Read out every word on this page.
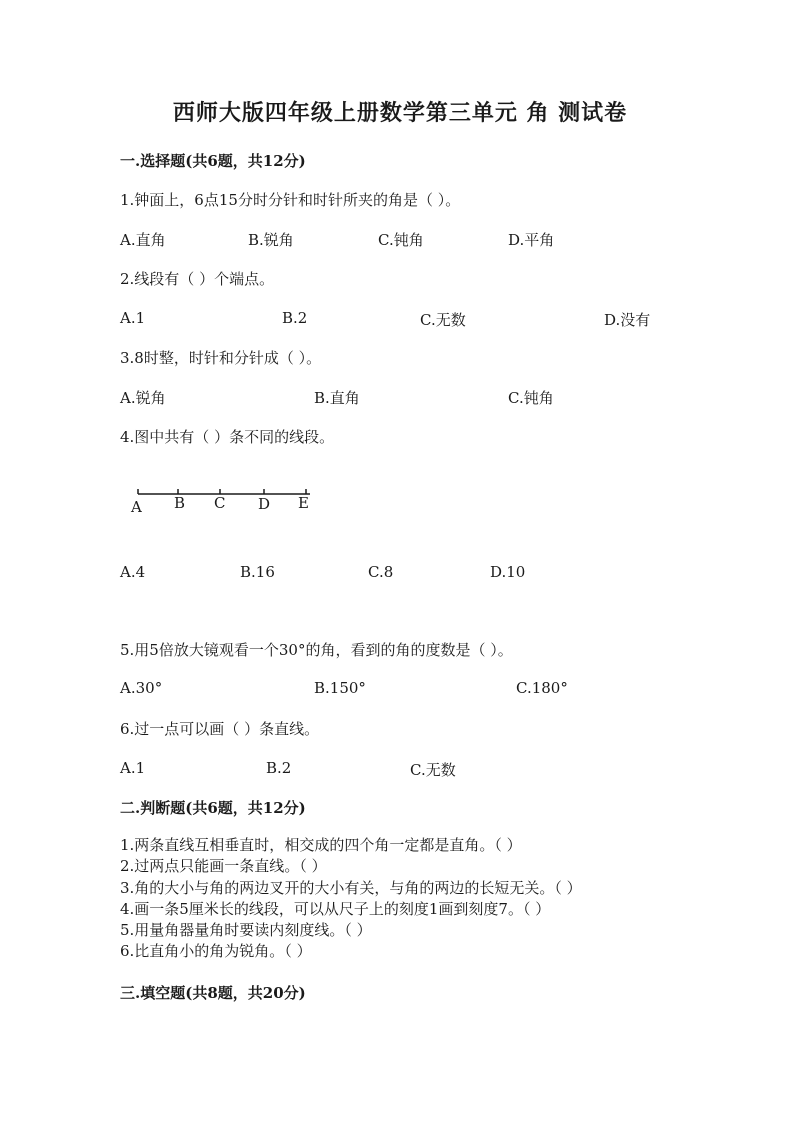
西师大版四年级上册数学第三单元 角 测试卷
一.选择题(共6题，共12分)
1.钟面上，6点15分时分针和时针所夹的角是（ ）。
A.直角	B.锐角	C.钝角	D.平角
2.线段有（ ）个端点。
A.1	B.2	C.无数	D.没有
3.8时整，时针和分针成（ ）。
A.锐角	B.直角	C.钝角
4.图中共有（ ）条不同的线段。
A B C D E
A.4	B.16	C.8	D.10
5.用5倍放大镜观看一个30°的角，看到的角的度数是（ ）。
A.30°	B.150°	C.180°
6.过一点可以画（ ）条直线。
A.1	B.2	C.无数
二.判断题(共6题，共12分)
1.两条直线互相垂直时，相交成的四个角一定都是直角。（ ）
2.过两点只能画一条直线。（ ）
3.角的大小与角的两边叉开的大小有关，与角的两边的长短无关。（ ）
4.画一条5厘米长的线段，可以从尺子上的刻度1画到刻度7。（ ）
5.用量角器量角时要读内刻度线。（ ）
6.比直角小的角为锐角。（ ）
三.填空题(共8题，共20分)
